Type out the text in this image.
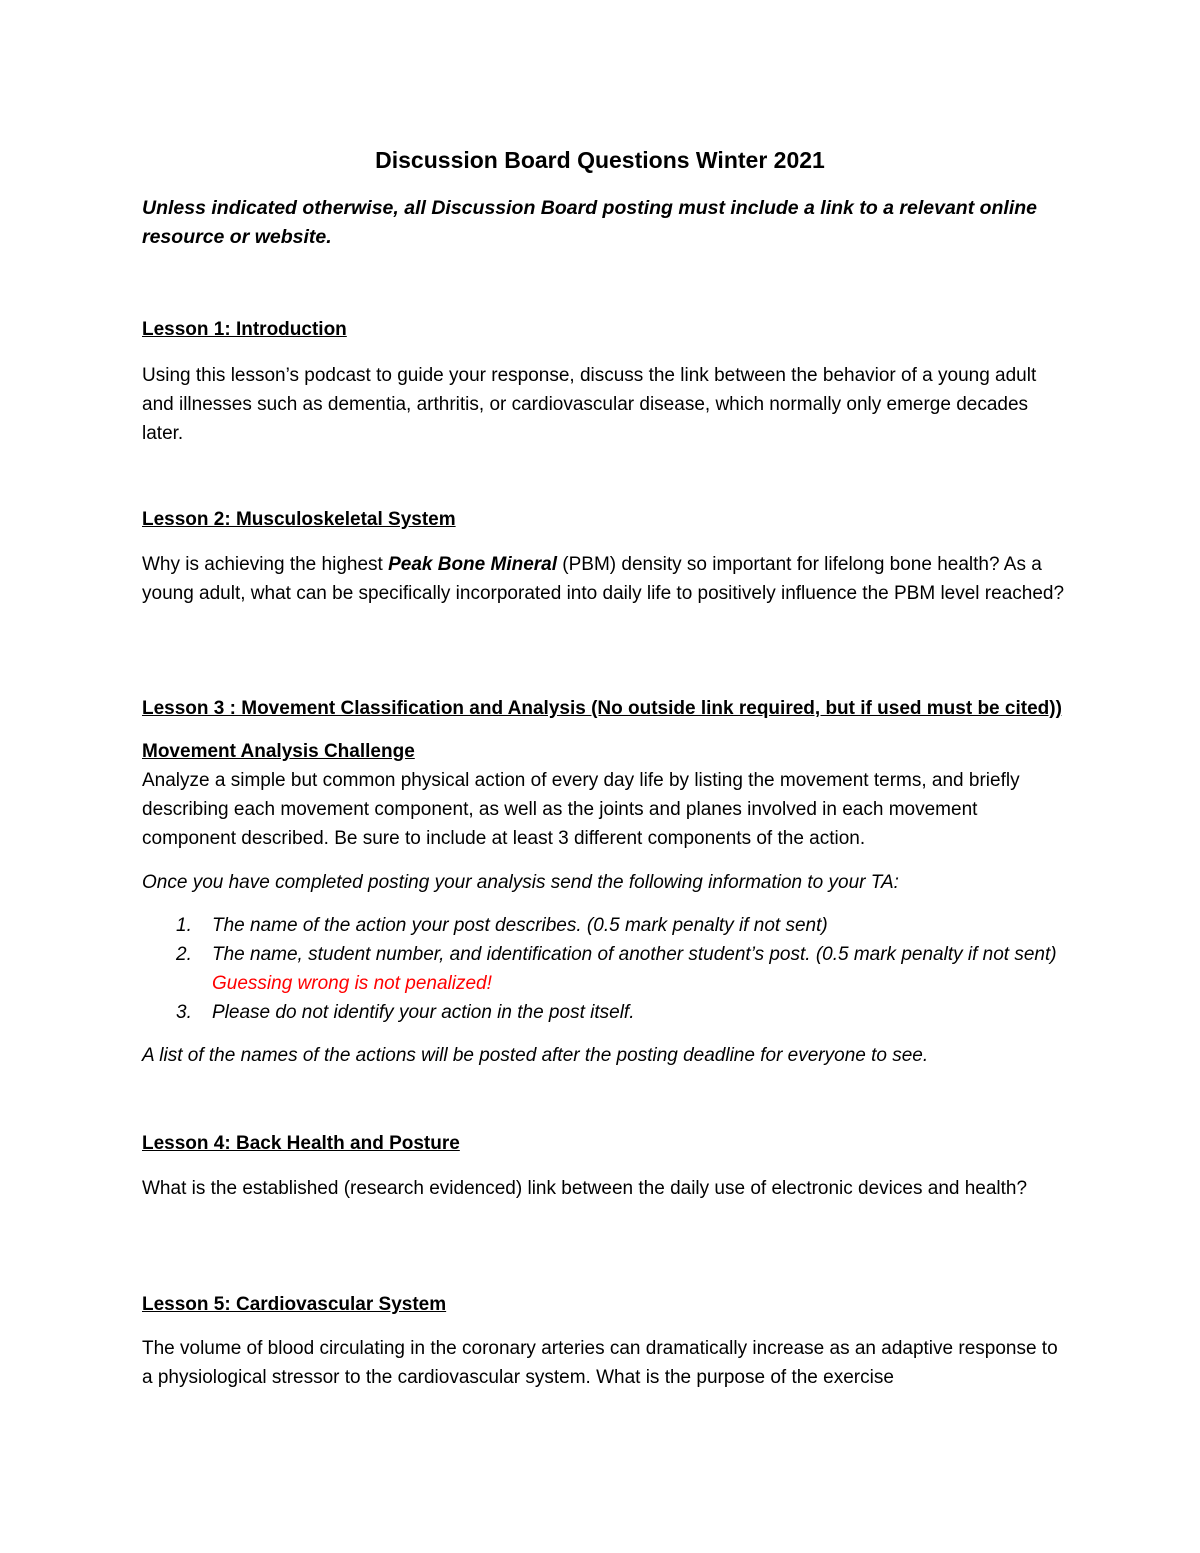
Discussion Board Questions Winter 2021

Unless indicated otherwise, all Discussion Board posting must include a link to a relevant online resource or website.

Lesson 1: Introduction

Using this lesson’s podcast to guide your response, discuss the link between the behavior of a young adult and illnesses such as dementia, arthritis, or cardiovascular disease, which normally only emerge decades later.

Lesson 2: Musculoskeletal System

Why is achieving the highest Peak Bone Mineral (PBM) density so important for lifelong bone health? As a young adult, what can be specifically incorporated into daily life to positively influence the PBM level reached?

Lesson 3 : Movement Classification and Analysis (No outside link required, but if used must be cited))

Movement Analysis Challenge

Analyze a simple but common physical action of every day life by listing the movement terms, and briefly describing each movement component, as well as the joints and planes involved in each movement component described. Be sure to include at least 3 different components of the action.

Once you have completed posting your analysis send the following information to your TA:

1. The name of the action your post describes. (0.5 mark penalty if not sent)
2. The name, student number, and identification of another student’s post. (0.5 mark penalty if not sent) Guessing wrong is not penalized!
3. Please do not identify your action in the post itself.

A list of the names of the actions will be posted after the posting deadline for everyone to see.

Lesson 4: Back Health and Posture

What is the established (research evidenced) link between the daily use of electronic devices and health?

Lesson 5: Cardiovascular System

The volume of blood circulating in the coronary arteries can dramatically increase as an adaptive response to a physiological stressor to the cardiovascular system. What is the purpose of the exercise
